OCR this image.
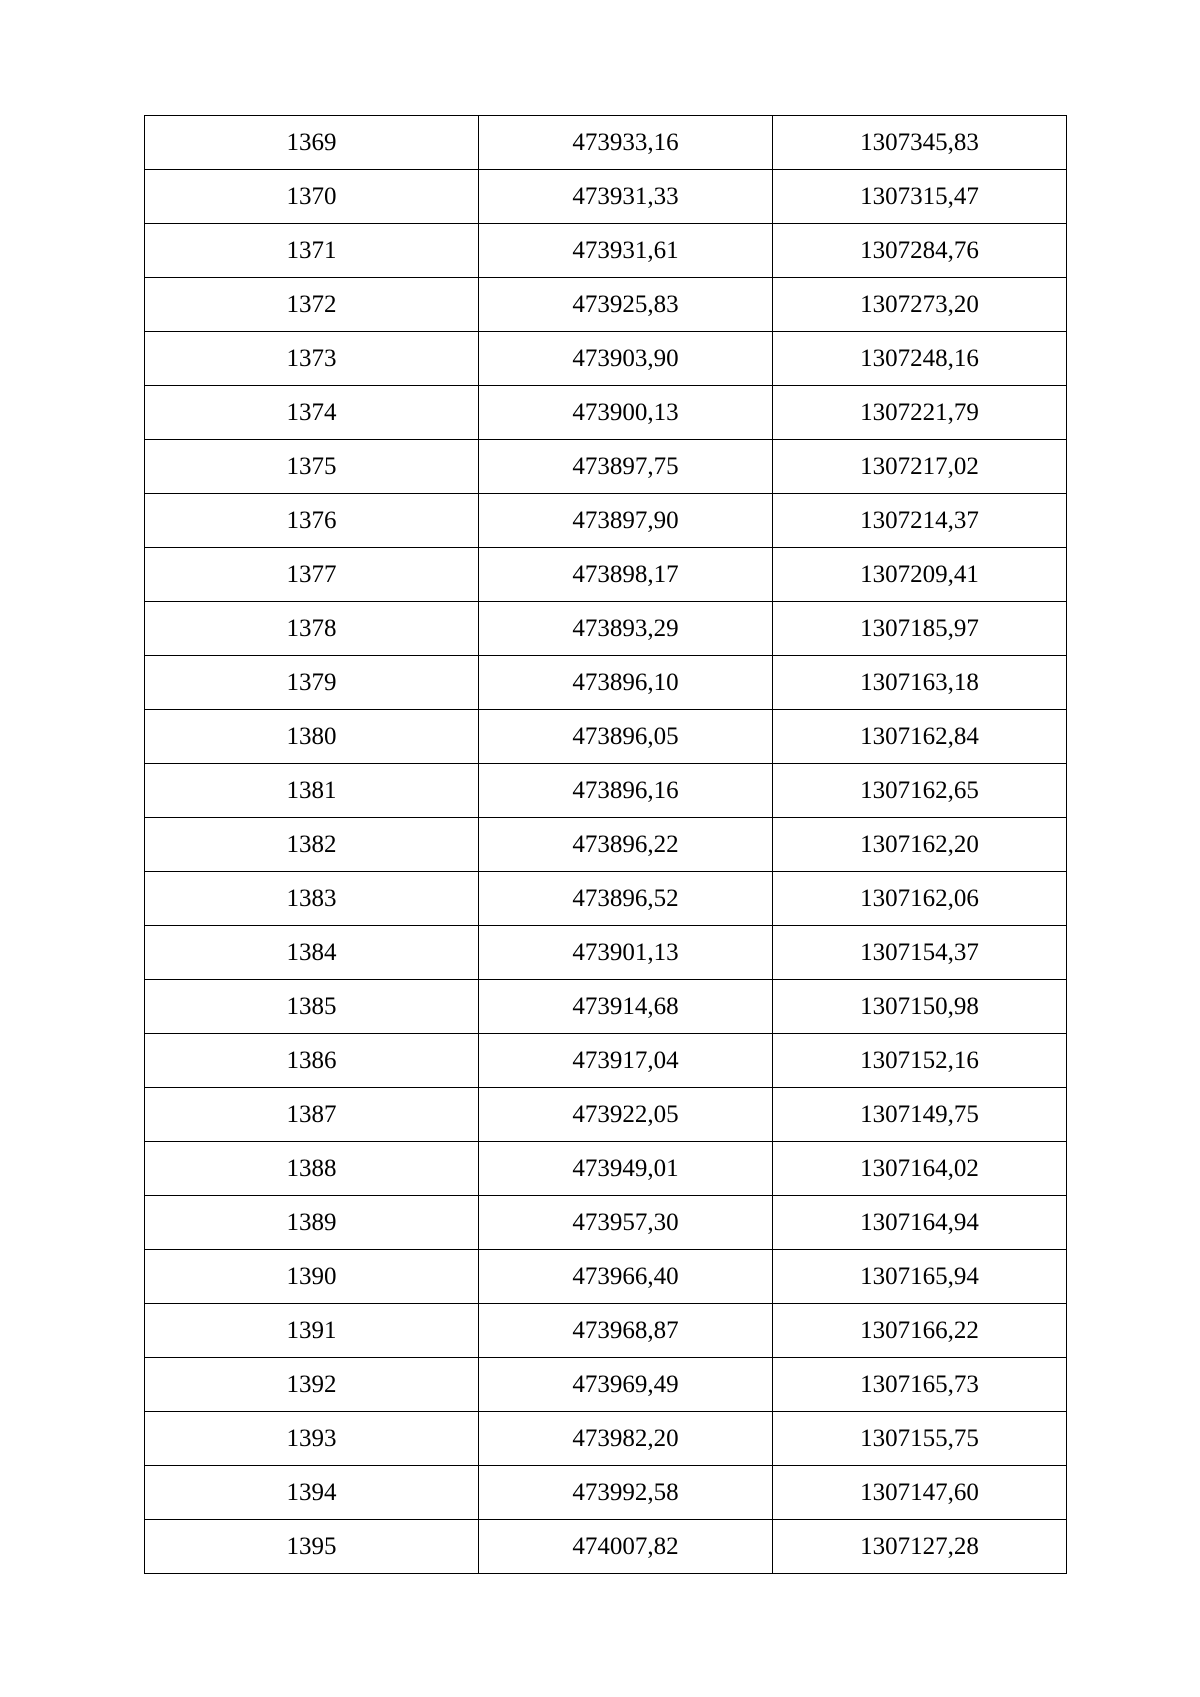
1369	473933,16	1307345,83
1370	473931,33	1307315,47
1371	473931,61	1307284,76
1372	473925,83	1307273,20
1373	473903,90	1307248,16
1374	473900,13	1307221,79
1375	473897,75	1307217,02
1376	473897,90	1307214,37
1377	473898,17	1307209,41
1378	473893,29	1307185,97
1379	473896,10	1307163,18
1380	473896,05	1307162,84
1381	473896,16	1307162,65
1382	473896,22	1307162,20
1383	473896,52	1307162,06
1384	473901,13	1307154,37
1385	473914,68	1307150,98
1386	473917,04	1307152,16
1387	473922,05	1307149,75
1388	473949,01	1307164,02
1389	473957,30	1307164,94
1390	473966,40	1307165,94
1391	473968,87	1307166,22
1392	473969,49	1307165,73
1393	473982,20	1307155,75
1394	473992,58	1307147,60
1395	474007,82	1307127,28
